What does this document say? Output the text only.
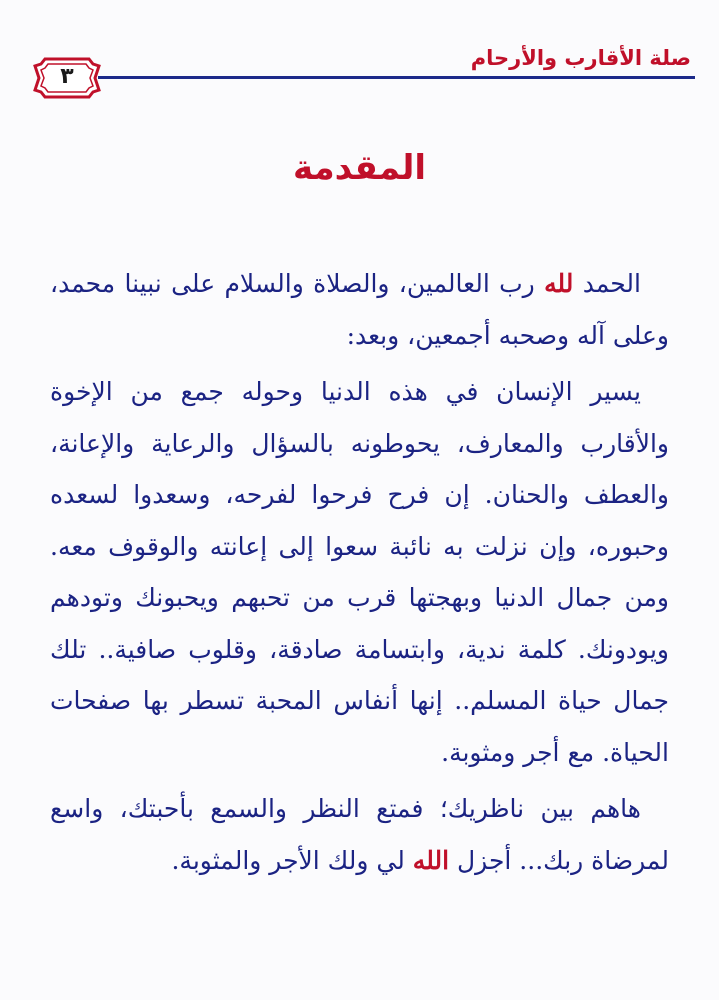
صلة الأقارب والأرحام
٣
المقدمة

الحمد لله رب العالمين، والصلاة والسلام على نبينا محمد، وعلى آله وصحبه أجمعين، وبعد:

يسير الإنسان في هذه الدنيا وحوله جمع من الإخوة والأقارب والمعارف، يحوطونه بالسؤال والرعاية والإعانة، والعطف والحنان. إن فرح فرحوا لفرحه، وسعدوا لسعده وحبوره، وإن نزلت به نائبة سعوا إلى إعانته والوقوف معه. ومن جمال الدنيا وبهجتها قرب من تحبهم ويحبونك وتودهم ويودونك. كلمة ندية، وابتسامة صادقة، وقلوب صافية.. تلك جمال حياة المسلم.. إنها أنفاس المحبة تسطر بها صفحات الحياة. مع أجر ومثوبة.

هاهم بين ناظريك؛ فمتع النظر والسمع بأحبتك، واسع لمرضاة ربك... أجزل الله لي ولك الأجر والمثوبة.
